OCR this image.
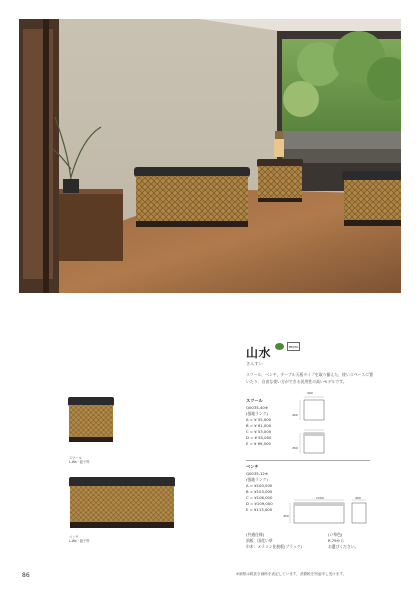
山水	PRIMO
さんすい
スツール、ベンチ、テーブル天板タイプを取り揃えた、使いスペースに置いたり、自由な使い方ができる汎用性の高いモデルです。
スツール
L-Wa・絵子杯
ベンチ
L-Wa・絵子杯
スツール
Q0035-40※
(張地ランク)
A = ¥ 55,000
B = ¥ 61,000
C = ¥ 53,000
D = ¥ 55,000
E = ¥ 69,500
400
400
450
ベンチ
Q0035-12※
(張地ランク)
A = ¥100,000
B = ¥103,000
C = ¥106,000
D = ¥109,000
E = ¥113,000
1200	400
450
(共通仕様)
前板：国産い草
巾木：メラミン化粧板(ブラック)
(い草色)
R.79から
お選びください。
86	※価格は税抜き価格を表記しています。消費税を別途申し受けます。
